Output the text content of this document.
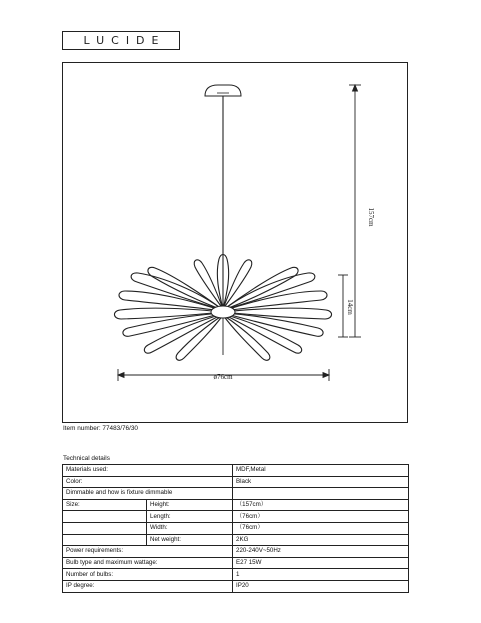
LUCIDE
157cm
14cm
ø76cm
Item number: 77483/76/30
Technical details
Materials used:		MDF,Metal
Color:		Black
Dimmable and how is fixture dimmable		
Size:	Height:	（157cm）
	Length:	（76cm）
	Width:	（76cm）
	Net weight:	2KG
Power requirements:		220-240V~50Hz
Bulb type and maximum wattage:		E27 15W
Number of bulbs:		1
IP degree:		IP20
